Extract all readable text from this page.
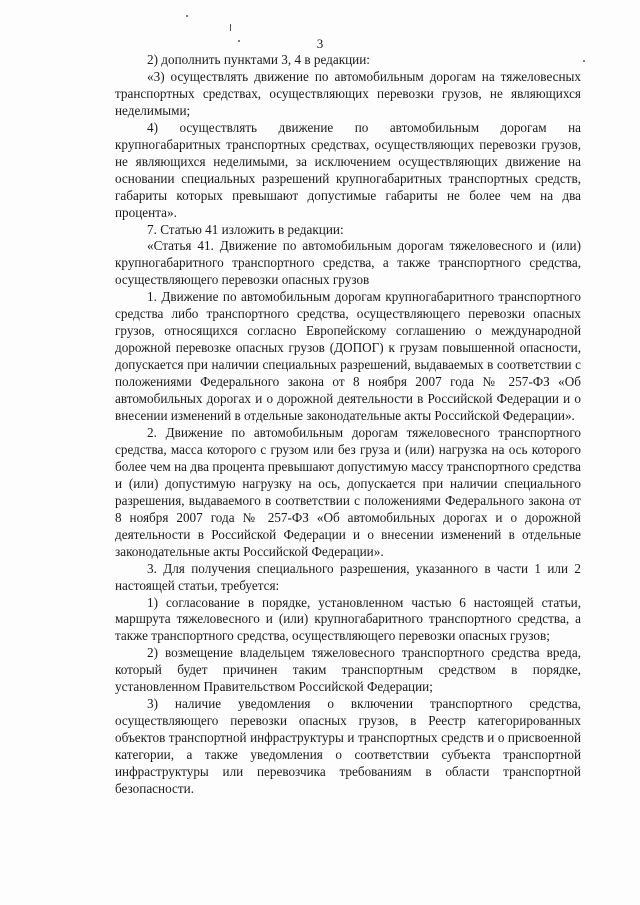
3

2) дополнить пунктами 3, 4 в редакции:

«3) осуществлять движение по автомобильным дорогам на тяжеловесных транспортных средствах, осуществляющих перевозки грузов, не являющихся неделимыми;

4) осуществлять движение по автомобильным дорогам на крупногабаритных транспортных средствах, осуществляющих перевозки грузов, не являющихся неделимыми, за исключением осуществляющих движение на основании специальных разрешений крупногабаритных транспортных средств, габариты которых превышают допустимые габариты не более чем на два процента».

7. Статью 41 изложить в редакции:

«Статья 41. Движение по автомобильным дорогам тяжеловесного и (или) крупногабаритного транспортного средства, а также транспортного средства, осуществляющего перевозки опасных грузов

1. Движение по автомобильным дорогам крупногабаритного транспортного средства либо транспортного средства, осуществляющего перевозки опасных грузов, относящихся согласно Европейскому соглашению о международной дорожной перевозке опасных грузов (ДОПОГ) к грузам повышенной опасности, допускается при наличии специальных разрешений, выдаваемых в соответствии с положениями Федерального закона от 8 ноября 2007 года № 257-ФЗ «Об автомобильных дорогах и о дорожной деятельности в Российской Федерации и о внесении изменений в отдельные законодательные акты Российской Федерации».

2. Движение по автомобильным дорогам тяжеловесного транспортного средства, масса которого с грузом или без груза и (или) нагрузка на ось которого более чем на два процента превышают допустимую массу транспортного средства и (или) допустимую нагрузку на ось, допускается при наличии специального разрешения, выдаваемого в соответствии с положениями Федерального закона от 8 ноября 2007 года № 257-ФЗ «Об автомобильных дорогах и о дорожной деятельности в Российской Федерации и о внесении изменений в отдельные законодательные акты Российской Федерации».

3. Для получения специального разрешения, указанного в части 1 или 2 настоящей статьи, требуется:

1) согласование в порядке, установленном частью 6 настоящей статьи, маршрута тяжеловесного и (или) крупногабаритного транспортного средства, а также транспортного средства, осуществляющего перевозки опасных грузов;

2) возмещение владельцем тяжеловесного транспортного средства вреда, который будет причинен таким транспортным средством в порядке, установленном Правительством Российской Федерации;

3) наличие уведомления о включении транспортного средства, осуществляющего перевозки опасных грузов, в Реестр категорированных объектов транспортной инфраструктуры и транспортных средств и о присвоенной категории, а также уведомления о соответствии субъекта транспортной инфраструктуры или перевозчика требованиям в области транспортной безопасности.
